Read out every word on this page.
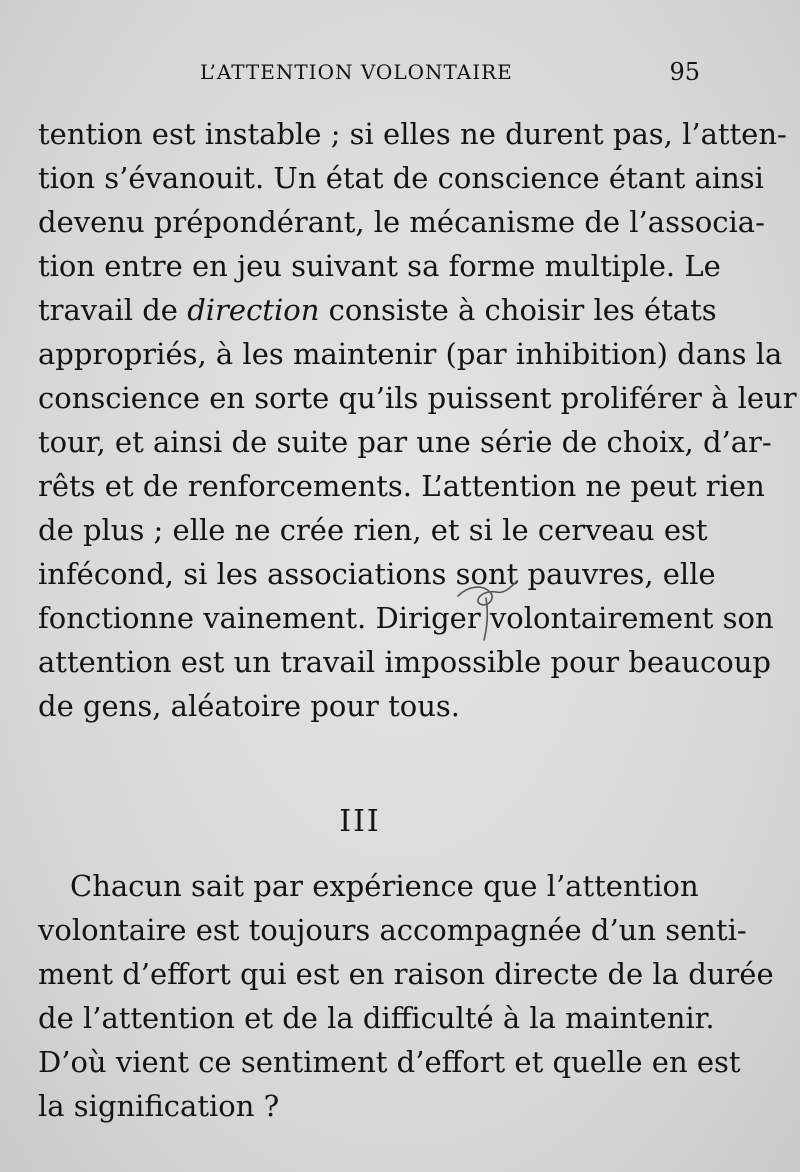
L’ATTENTION VOLONTAIRE	95
tention est instable ; si elles ne durent pas, l’atten-
tion s’évanouit. Un état de conscience étant ainsi
devenu prépondérant, le mécanisme de l’associa-
tion entre en jeu suivant sa forme multiple. Le
travail de direction consiste à choisir les états
appropriés, à les maintenir (par inhibition) dans la
conscience en sorte qu’ils puissent proliférer à leur
tour, et ainsi de suite par une série de choix, d’ar-
rêts et de renforcements. L’attention ne peut rien
de plus ; elle ne crée rien, et si le cerveau est
infécond, si les associations sont pauvres, elle
fonctionne vainement. Diriger volontairement son
attention est un travail impossible pour beaucoup
de gens, aléatoire pour tous.
III
Chacun sait par expérience que l’attention
volontaire est toujours accompagnée d’un senti-
ment d’effort qui est en raison directe de la durée
de l’attention et de la difficulté à la maintenir.
D’où vient ce sentiment d’effort et quelle en est
la signification ?
